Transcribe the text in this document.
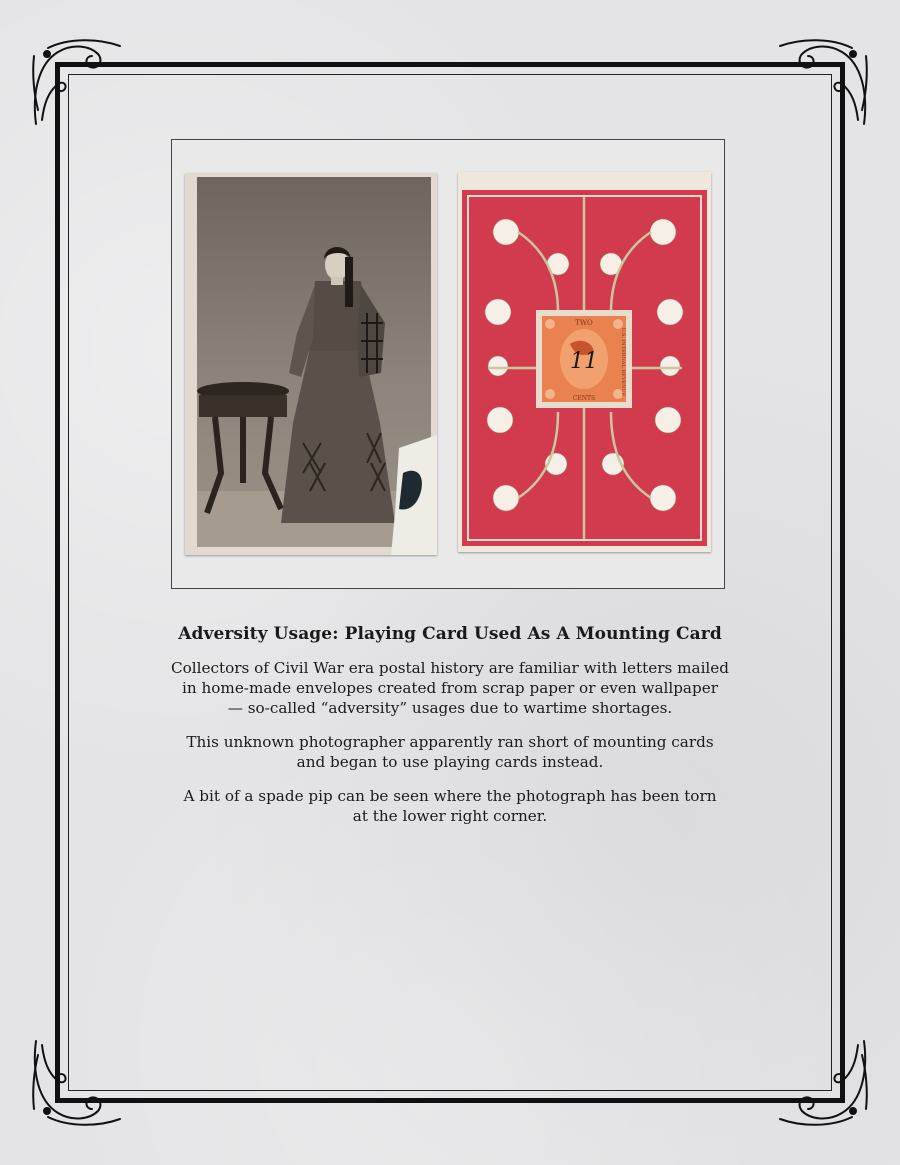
TWO
CENTS
U.S. INTERNAL REVENUE
11
Adversity Usage: Playing Card Used As A Mounting Card

Collectors of Civil War era postal history are familiar with letters mailed
in home-made envelopes created from scrap paper or even wallpaper
— so-called “adversity” usages due to wartime shortages.

This unknown photographer apparently ran short of mounting cards
and began to use playing cards instead.

A bit of a spade pip can be seen where the photograph has been torn
at the lower right corner.
